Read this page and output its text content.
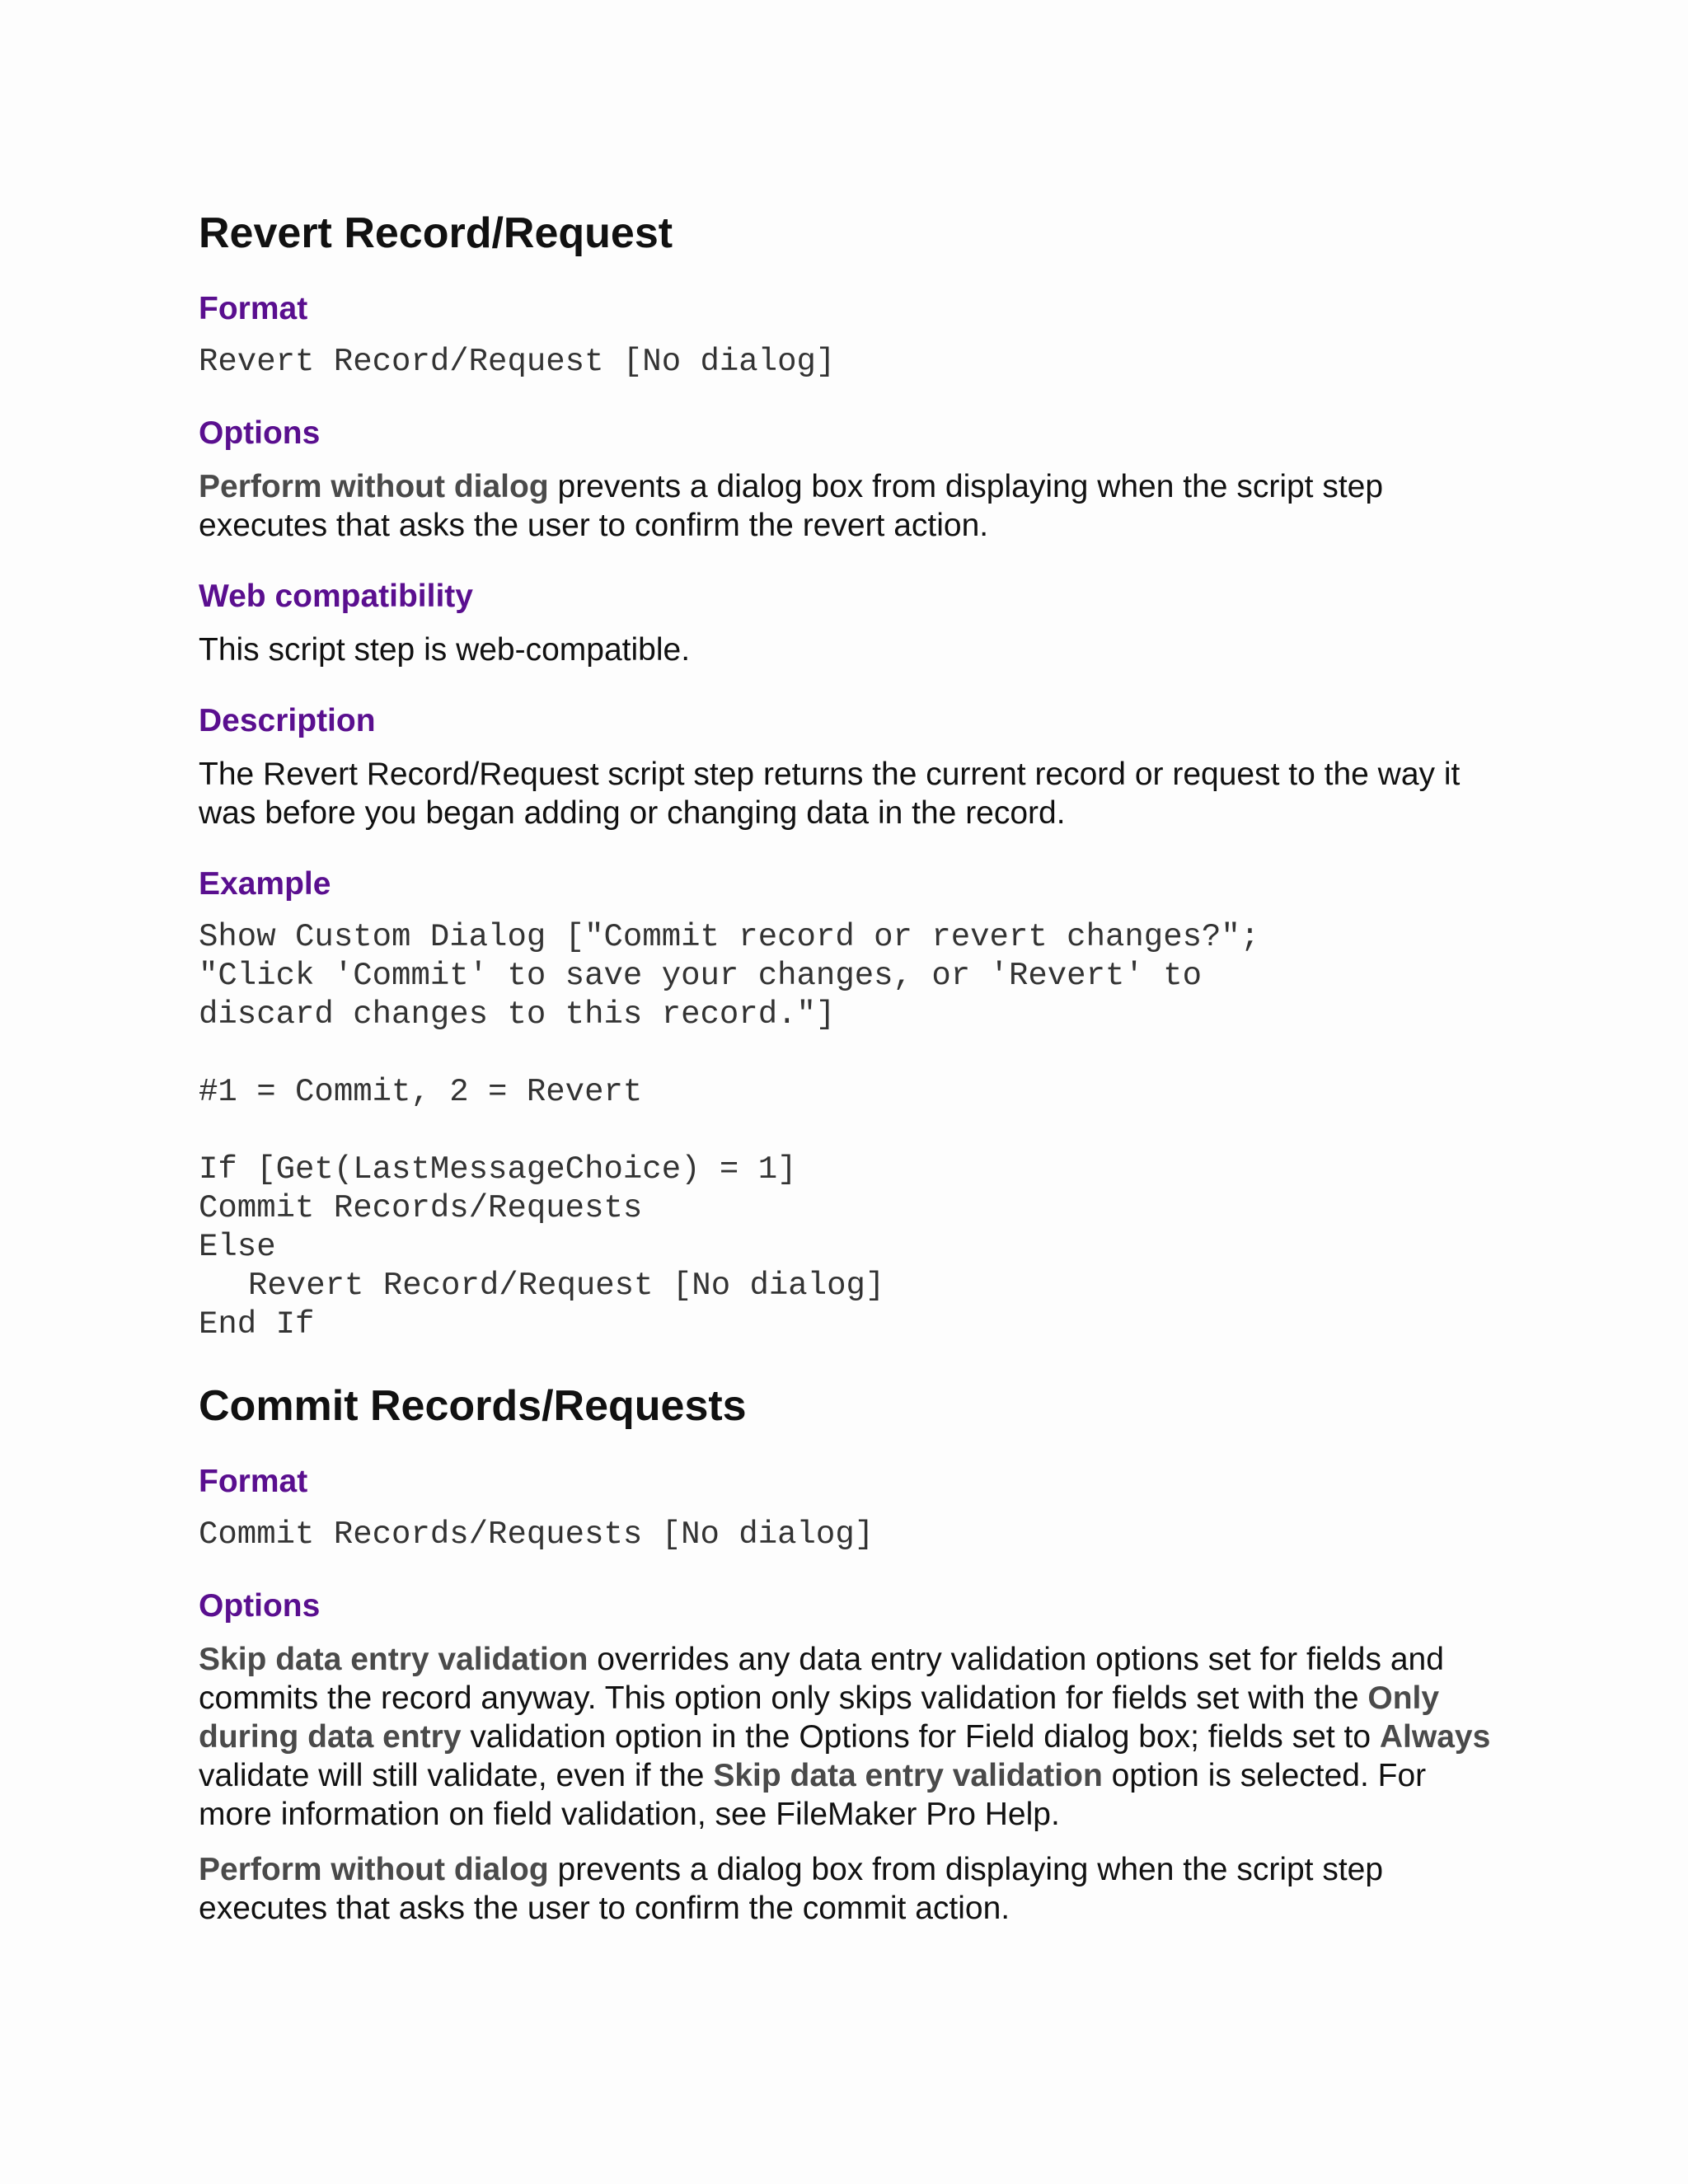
Revert Record/Request
Format
Revert Record/Request [No dialog]
Options

Perform without dialog prevents a dialog box from displaying when the script step executes that asks the user to confirm the revert action.

Web compatibility

This script step is web-compatible.

Description

The Revert Record/Request script step returns the current record or request to the way it was before you began adding or changing data in the record.

Example
Show Custom Dialog ["Commit record or revert changes?";
"Click 'Commit' to save your changes, or 'Revert' to
discard changes to this record."]
#1 = Commit, 2 = Revert
If [Get(LastMessageChoice) = 1]
Commit Records/Requests
Else
Revert Record/Request [No dialog]
End If
Commit Records/Requests
Format
Commit Records/Requests [No dialog]
Options

Skip data entry validation overrides any data entry validation options set for fields and commits the record anyway. This option only skips validation for fields set with the Only during data entry validation option in the Options for Field dialog box; fields set to Always validate will still validate, even if the Skip data entry validation option is selected. For more information on field validation, see FileMaker Pro Help.

Perform without dialog prevents a dialog box from displaying when the script step executes that asks the user to confirm the commit action.
